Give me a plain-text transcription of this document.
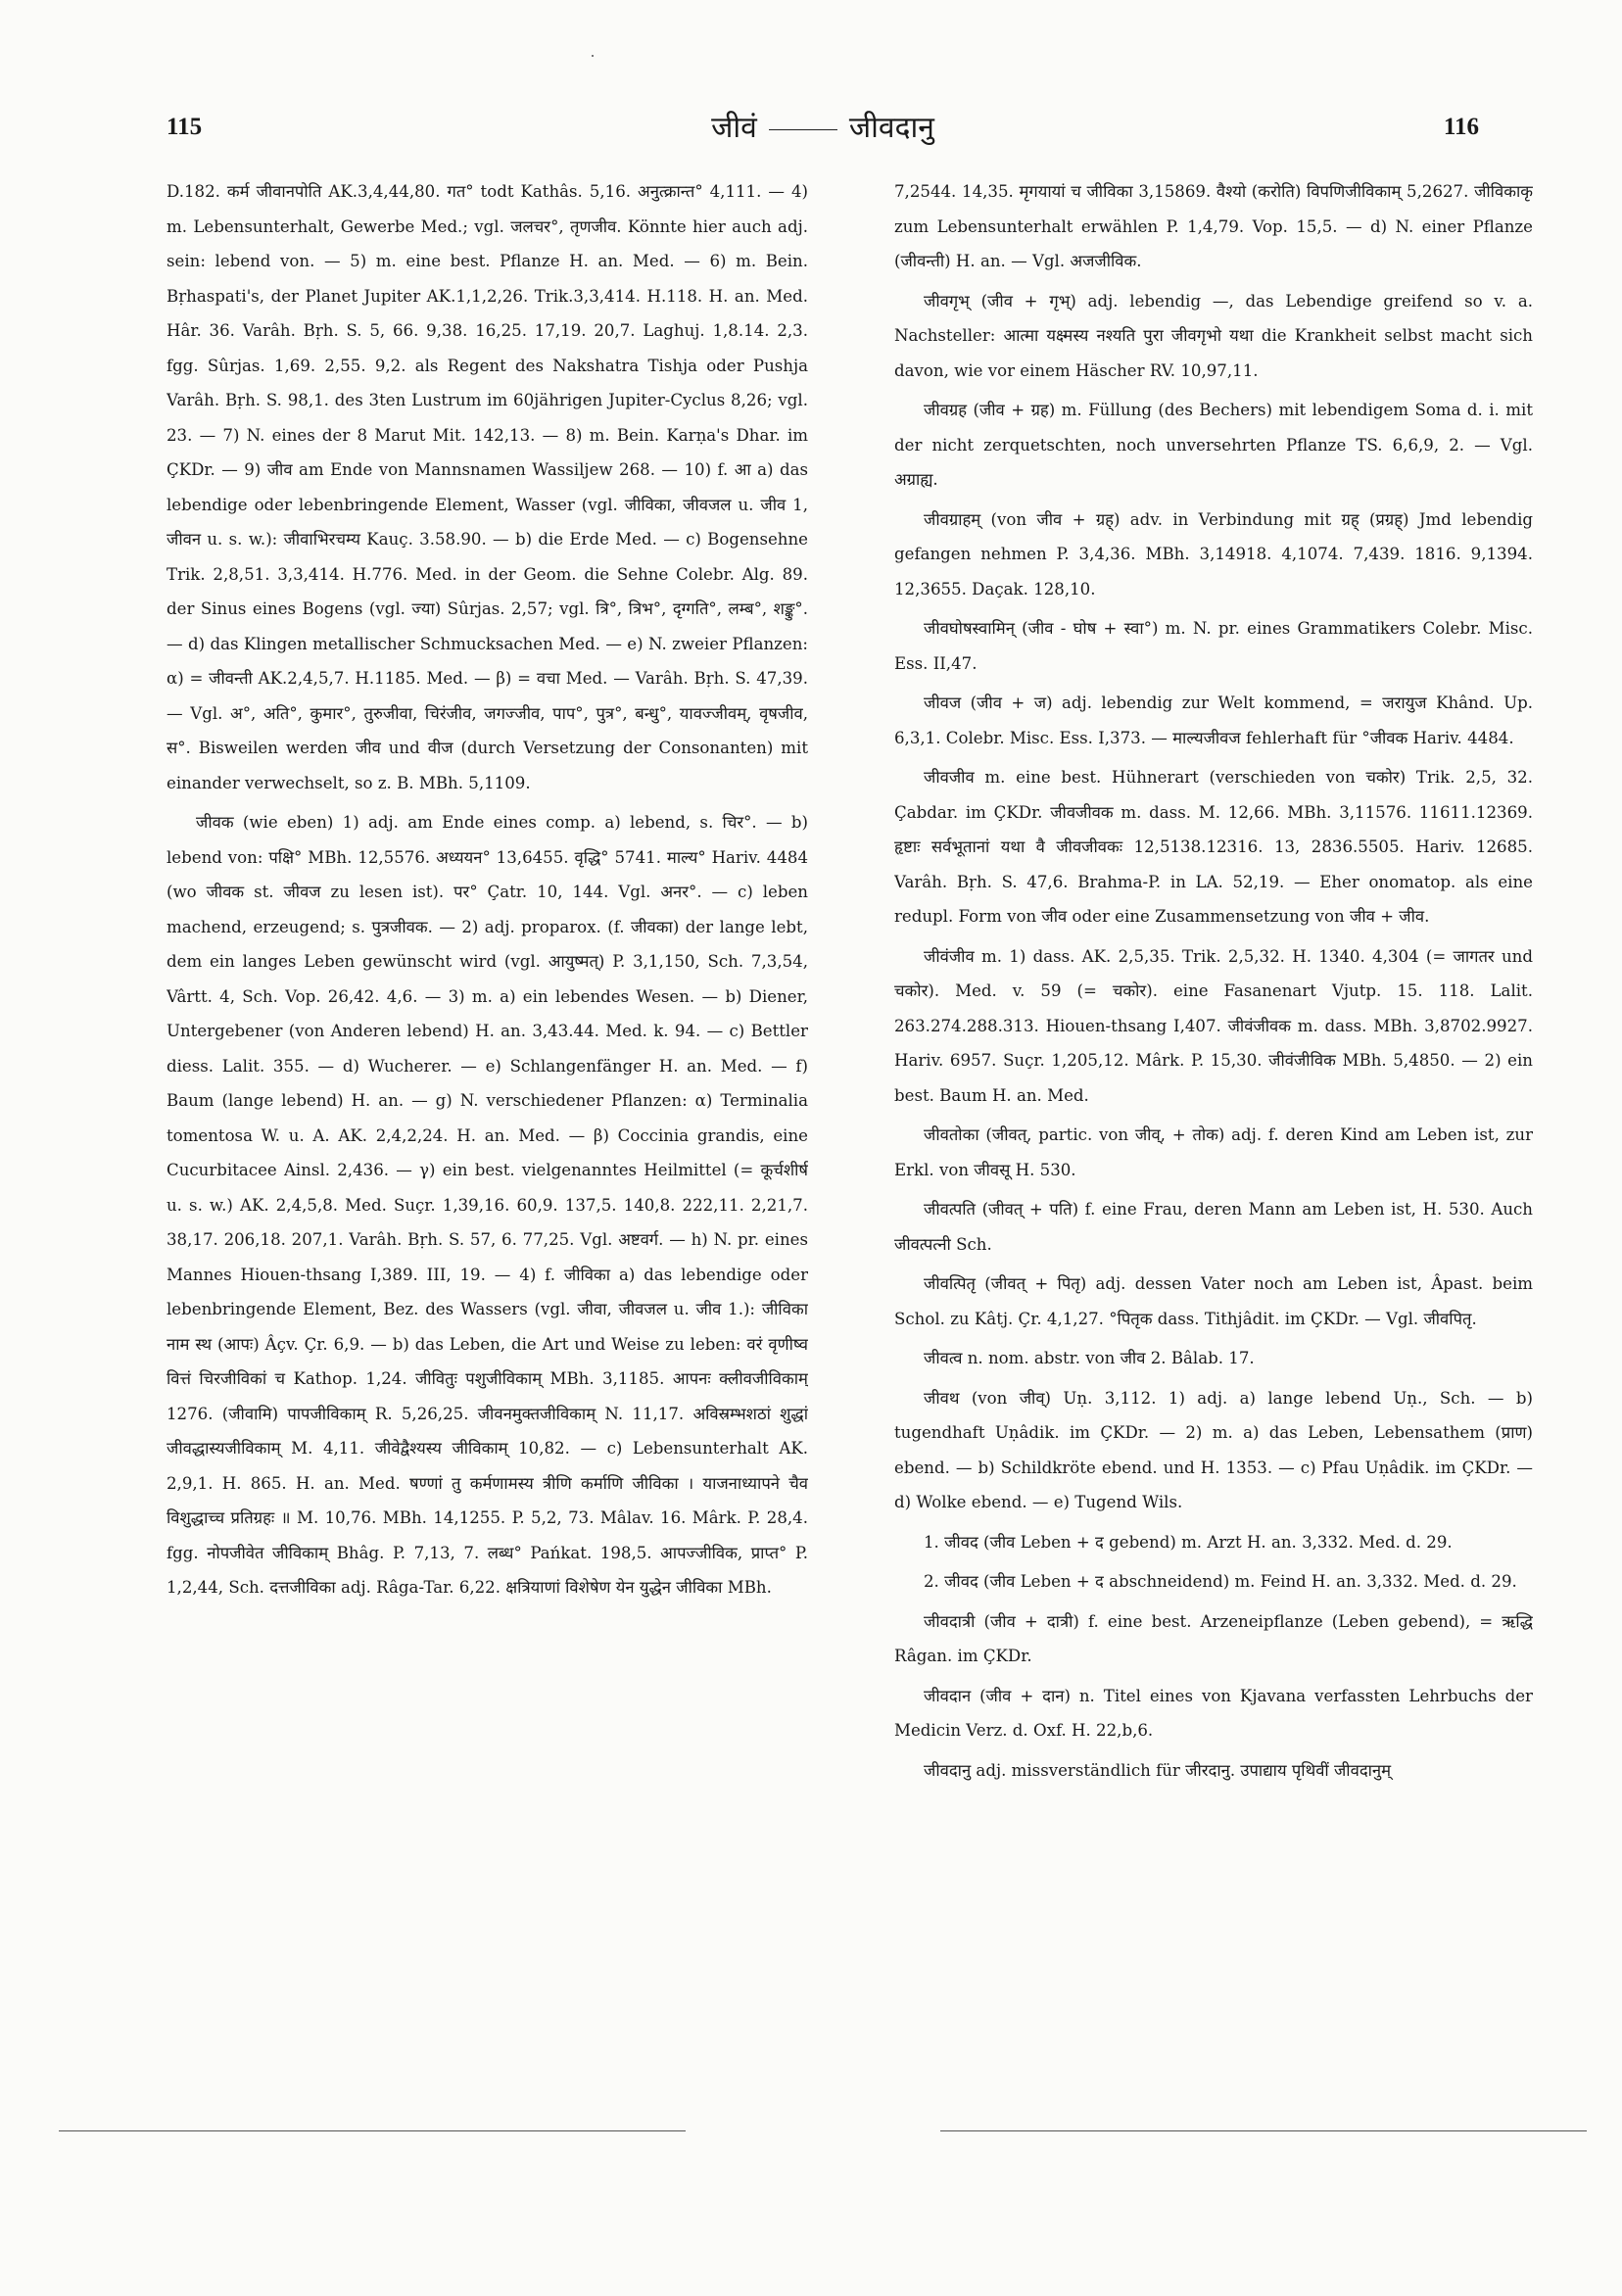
115	जीवं	जीवदानु	116

D.182. कर्म जीवानपोति AK.3,4,44,80. गत° todt Kathâs. 5,16. अनुत्क्रान्त° 4,111. — 4) m. Lebensunterhalt, Gewerbe Med.; vgl. जलचर°, तृणजीव. Könnte hier auch adj. sein: lebend von. — 5) m. eine best. Pflanze H. an. Med. — 6) m. Bein. Bṛhaspati's, der Planet Jupiter AK.1,1,2,26. Trik.3,3,414. H.118. H. an. Med. Hâr. 36. Varâh. Bṛh. S. 5, 66. 9,38. 16,25. 17,19. 20,7. Laghuj. 1,8.14. 2,3. fgg. Sûrjas. 1,69. 2,55. 9,2. als Regent des Nakshatra Tishja oder Pushja Varâh. Bṛh. S. 98,1. des 3ten Lustrum im 60jährigen Jupiter-Cyclus 8,26; vgl. 23. — 7) N. eines der 8 Marut Mit. 142,13. — 8) m. Bein. Karṇa's Dhar. im ÇKDr. — 9) जीव am Ende von Mannsnamen Wassiljew 268. — 10) f. आ a) das lebendige oder lebenbringende Element, Wasser (vgl. जीविका, जीवजल u. जीव 1, जीवन u. s. w.): जीवाभिरचम्य Kauç. 3.58.90. — b) die Erde Med. — c) Bogensehne Trik. 2,8,51. 3,3,414. H.776. Med. in der Geom. die Sehne Colebr. Alg. 89. der Sinus eines Bogens (vgl. ज्या) Sûrjas. 2,57; vgl. त्रि°, त्रिभ°, दृग्गति°, लम्ब°, शङ्कु°. — d) das Klingen metallischer Schmucksachen Med. — e) N. zweier Pflanzen: α) = जीवन्ती AK.2,4,5,7. H.1185. Med. — β) = वचा Med. — Varâh. Bṛh. S. 47,39. — Vgl. अ°, अति°, कुमार°, तुरुजीवा, चिरंजीव, जगज्जीव, पाप°, पुत्र°, बन्धु°, यावज्जीवम्, वृषजीव, स°. Bisweilen werden जीव und वीज (durch Versetzung der Consonanten) mit einander verwechselt, so z. B. MBh. 5,1109.

जीवक (wie eben) 1) adj. am Ende eines comp. a) lebend, s. चिर°. — b) lebend von: पक्षि° MBh. 12,5576. अध्ययन° 13,6455. वृद्धि° 5741. माल्य° Hariv. 4484 (wo जीवक st. जीवज zu lesen ist). पर° Çatr. 10, 144. Vgl. अनर°. — c) leben machend, erzeugend; s. पुत्रजीवक. — 2) adj. proparox. (f. जीवका) der lange lebt, dem ein langes Leben gewünscht wird (vgl. आयुष्मत्) P. 3,1,150, Sch. 7,3,54, Vârtt. 4, Sch. Vop. 26,42. 4,6. — 3) m. a) ein lebendes Wesen. — b) Diener, Untergebener (von Anderen lebend) H. an. 3,43.44. Med. k. 94. — c) Bettler diess. Lalit. 355. — d) Wucherer. — e) Schlangenfänger H. an. Med. — f) Baum (lange lebend) H. an. — g) N. verschiedener Pflanzen: α) Terminalia tomentosa W. u. A. AK. 2,4,2,24. H. an. Med. — β) Coccinia grandis, eine Cucurbitacee Ainsl. 2,436. — γ) ein best. vielgenanntes Heilmittel (= कूर्चशीर्ष u. s. w.) AK. 2,4,5,8. Med. Suçr. 1,39,16. 60,9. 137,5. 140,8. 222,11. 2,21,7. 38,17. 206,18. 207,1. Varâh. Bṛh. S. 57, 6. 77,25. Vgl. अष्टवर्ग. — h) N. pr. eines Mannes Hiouen-thsang I,389. III, 19. — 4) f. जीविका a) das lebendige oder lebenbringende Element, Bez. des Wassers (vgl. जीवा, जीवजल u. जीव 1.): जीविका नाम स्थ (आपः) Âçv. Çr. 6,9. — b) das Leben, die Art und Weise zu leben: वरं वृणीष्व वित्तं चिरजीविकां च Kathop. 1,24. जीवितुः पशुजीविकाम् MBh. 3,1185. आपनः क्लीवजीविकाम् 1276. (जीवामि) पापजीविकाम् R. 5,26,25. जीवनमुक्तजीविकाम् N. 11,17. अविस्रम्भशठां शुद्धां जीवद्धास्यजीविकाम् M. 4,11. जीवेद्वैश्यस्य जीविकाम् 10,82. — c) Lebensunterhalt AK. 2,9,1. H. 865. H. an. Med. षण्णां तु कर्मणामस्य त्रीणि कर्माणि जीविका । याजनाध्यापने चैव विशुद्धाच्च प्रतिग्रहः ॥ M. 10,76. MBh. 14,1255. P. 5,2, 73. Mâlav. 16. Mârk. P. 28,4. fgg. नोपजीवेत जीविकाम् Bhâg. P. 7,13, 7. लब्ध° Pańkat. 198,5. आपज्जीविक, प्राप्त° P. 1,2,44, Sch. दत्तजीविका adj. Râga-Tar. 6,22. क्षत्रियाणां विशेषेण येन युद्धेन जीविका MBh.

7,2544. 14,35. मृगयायां च जीविका 3,15869. वैश्यो (करोति) विपणिजीविकाम् 5,2627. जीविकाकृ zum Lebensunterhalt erwählen P. 1,4,79. Vop. 15,5. — d) N. einer Pflanze (जीवन्ती) H. an. — Vgl. अजजीविक.

जीवगृभ् (जीव + गृभ्) adj. lebendig —, das Lebendige greifend so v. a. Nachsteller: आत्मा यक्ष्मस्य नश्यति पुरा जीवगृभो यथा die Krankheit selbst macht sich davon, wie vor einem Häscher RV. 10,97,11.

जीवग्रह (जीव + ग्रह) m. Füllung (des Bechers) mit lebendigem Soma d. i. mit der nicht zerquetschten, noch unversehrten Pflanze TS. 6,6,9, 2. — Vgl. अग्राह्य.

जीवग्राहम् (von जीव + ग्रह्) adv. in Verbindung mit ग्रह् (प्रग्रह्) Jmd lebendig gefangen nehmen P. 3,4,36. MBh. 3,14918. 4,1074. 7,439. 1816. 9,1394. 12,3655. Daçak. 128,10.

जीवघोषस्वामिन् (जीव - घोष + स्वा°) m. N. pr. eines Grammatikers Colebr. Misc. Ess. II,47.

जीवज (जीव + ज) adj. lebendig zur Welt kommend, = जरायुज Khând. Up. 6,3,1. Colebr. Misc. Ess. I,373. — माल्यजीवज fehlerhaft für °जीवक Hariv. 4484.

जीवजीव m. eine best. Hühnerart (verschieden von चकोर) Trik. 2,5, 32. Çabdar. im ÇKDr. जीवजीवक m. dass. M. 12,66. MBh. 3,11576. 11611.12369. हृष्टाः सर्वभूतानां यथा वै जीवजीवकः 12,5138.12316. 13, 2836.5505. Hariv. 12685. Varâh. Bṛh. S. 47,6. Brahma-P. in LA. 52,19. — Eher onomatop. als eine redupl. Form von जीव oder eine Zusammensetzung von जीव + जीव.

जीवंजीव m. 1) dass. AK. 2,5,35. Trik. 2,5,32. H. 1340. 4,304 (= जागतर und चकोर). Med. v. 59 (= चकोर). eine Fasanenart Vjutp. 15. 118. Lalit. 263.274.288.313. Hiouen-thsang I,407. जीवंजीवक m. dass. MBh. 3,8702.9927. Hariv. 6957. Suçr. 1,205,12. Mârk. P. 15,30. जीवंजीविक MBh. 5,4850. — 2) ein best. Baum H. an. Med.

जीवतोका (जीवत्, partic. von जीव्, + तोक) adj. f. deren Kind am Leben ist, zur Erkl. von जीवसू H. 530.

जीवत्पति (जीवत् + पति) f. eine Frau, deren Mann am Leben ist, H. 530. Auch जीवत्पत्नी Sch.

जीवत्पितृ (जीवत् + पितृ) adj. dessen Vater noch am Leben ist, Âpast. beim Schol. zu Kâtj. Çr. 4,1,27. °पितृक dass. Tithjâdit. im ÇKDr. — Vgl. जीवपितृ.

जीवत्व n. nom. abstr. von जीव 2. Bâlab. 17.

जीवथ (von जीव्) Uṇ. 3,112. 1) adj. a) lange lebend Uṇ., Sch. — b) tugendhaft Uṇâdik. im ÇKDr. — 2) m. a) das Leben, Lebensathem (प्राण) ebend. — b) Schildkröte ebend. und H. 1353. — c) Pfau Uṇâdik. im ÇKDr. — d) Wolke ebend. — e) Tugend Wils.

1. जीवद (जीव Leben + द gebend) m. Arzt H. an. 3,332. Med. d. 29.

2. जीवद (जीव Leben + द abschneidend) m. Feind H. an. 3,332. Med. d. 29.

जीवदात्री (जीव + दात्री) f. eine best. Arzeneipflanze (Leben gebend), = ऋद्धि Râgan. im ÇKDr.

जीवदान (जीव + दान) n. Titel eines von Kjavana verfassten Lehrbuchs der Medicin Verz. d. Oxf. H. 22,b,6.

जीवदानु adj. missverständlich für जीरदानु. उपाद्याय पृथिवीं जीवदानुम्
